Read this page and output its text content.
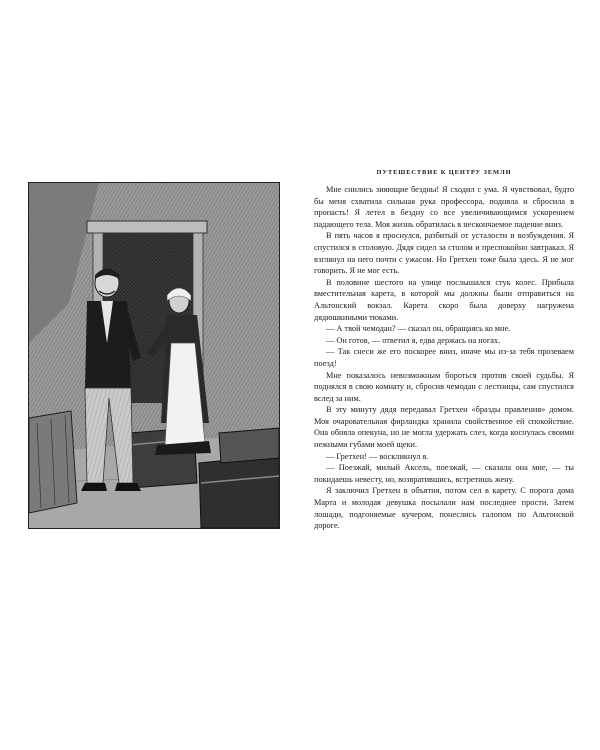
ПУТЕШЕСТВИЕ К ЦЕНТРУ ЗЕМЛИ

Мне снились зияющие бездны! Я сходил с ума. Я чувствовал, будто бы меня схватила сильная рука профессора, подняла и сбросила в пропасть! Я летел в бездну со все увеличивающимся ускорением падающего тела. Моя жизнь обратилась в нескончаемое падение вниз.

В пять часов я проснулся, разбитый от усталости и возбуждения. Я спустился в столовую. Дядя сидел за столом и преспокойно завтракал. Я взглянул на него почти с ужасом. Но Гретхен тоже была здесь. Я не мог говорить. Я не мог есть.

В половине шестого на улице послышался стук колес. Прибыла вместительная карета, в которой мы должны были отправиться на Альтонский вокзал. Карета скоро была доверху нагружена дядюшкиными тюками.

— А твой чемодан? — сказал он, обращаясь ко мне.

— Он готов, — ответил я, едва держась на ногах.

— Так снеси же его поскорее вниз, иначе мы из-за тебя прозеваем поезд!

Мне показалось невозможным бороться против своей судьбы. Я поднялся в свою комнату и, сбросив чемодан с лестницы, сам спустился вслед за ним.

В эту минуту дядя передавал Гретхен «бразды правления» домом. Моя очаровательная фирландка хранила свойственное ей спокойствие. Она обняла опекуна, но не могла удержать слез, когда коснулась своими нежными губами моей щеки.

— Гретхен! — воскликнул я.

— Поезжай, милый Аксель, поезжай, — сказала она мне, — ты покидаешь невесту, но, возвратившись, встретишь жену.

Я заключил Гретхен в объятия, потом сел в карету. С порога дома Марта и молодая девушка посылали нам последнее прости. Затем лошади, подгоняемые кучером, понеслись галопом по Альтонской дороге.
